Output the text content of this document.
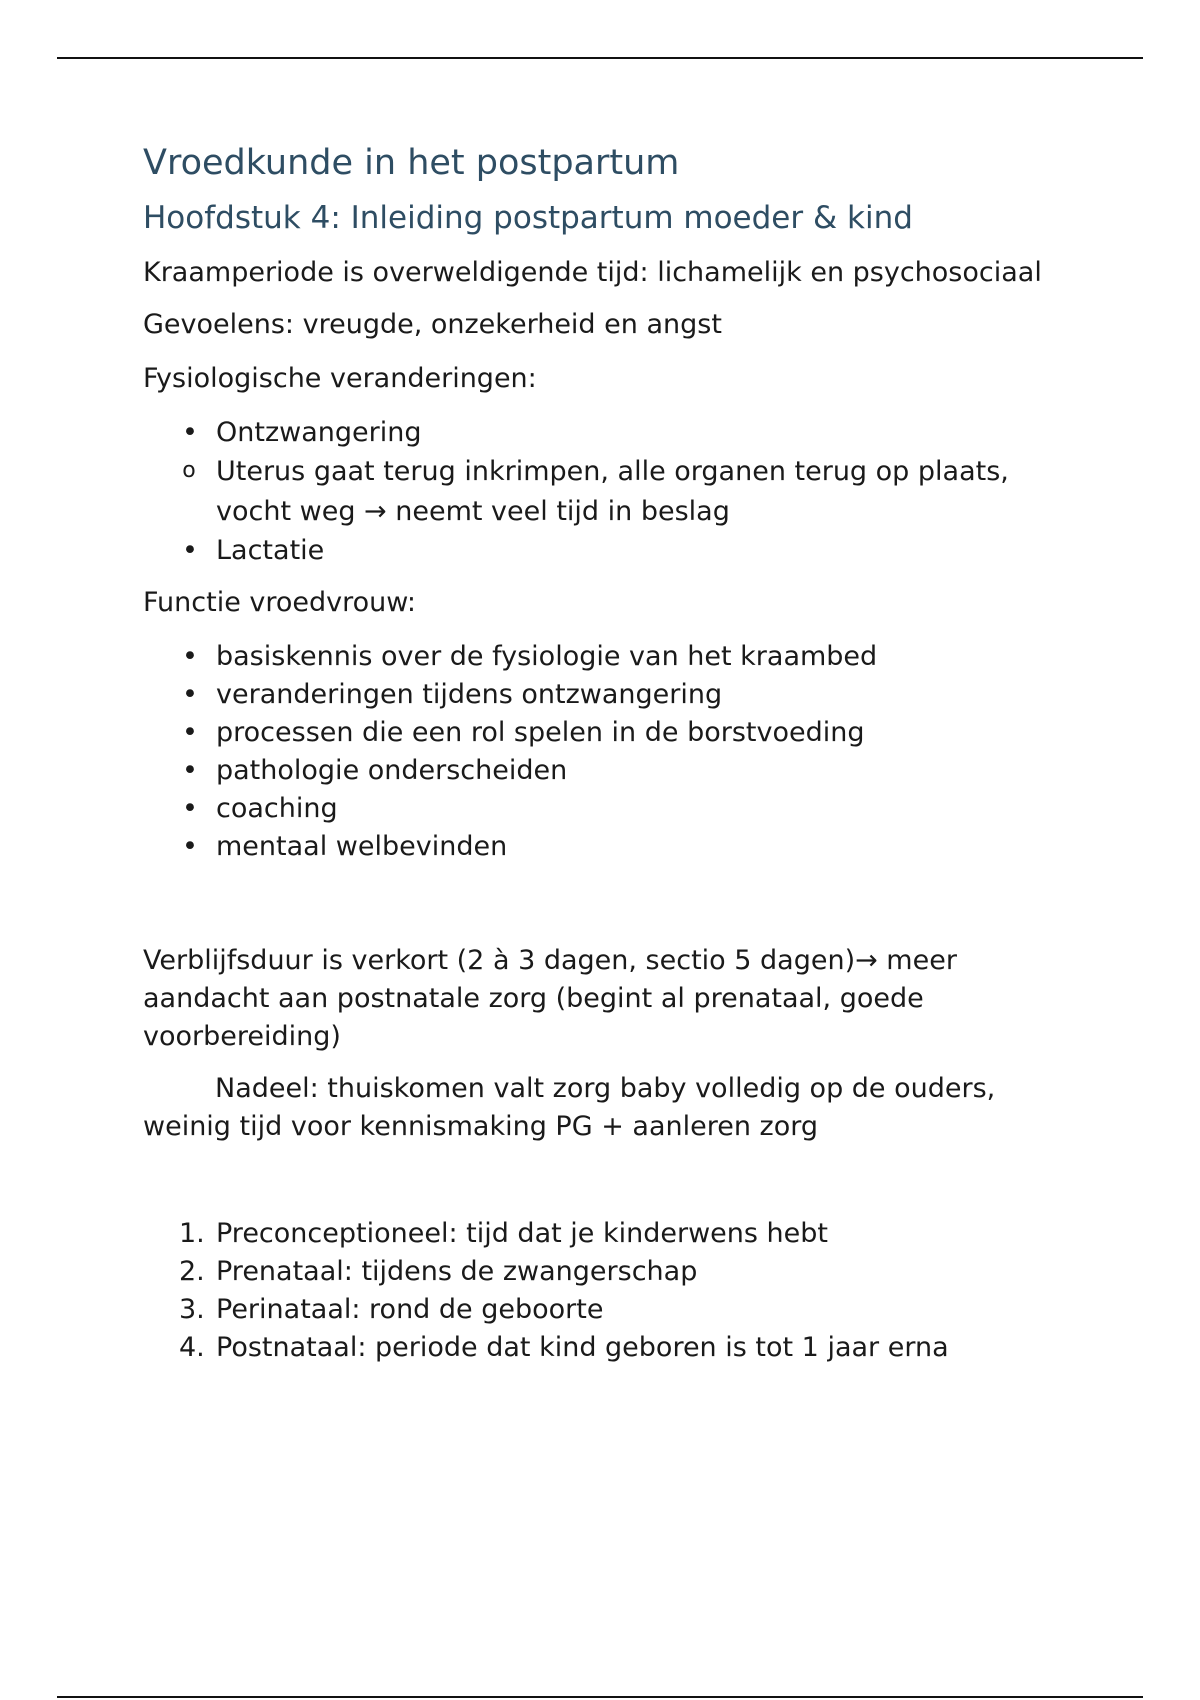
Vroedkunde in het postpartum
Hoofdstuk 4: Inleiding postpartum moeder & kind

Kraamperiode is overweldigende tijd: lichamelijk en psychosociaal

Gevoelens: vreugde, onzekerheid en angst

Fysiologische veranderingen:

• Ontzwangering
o Uterus gaat terug inkrimpen, alle organen terug op plaats, vocht weg → neemt veel tijd in beslag
• Lactatie

Functie vroedvrouw:

• basiskennis over de fysiologie van het kraambed
• veranderingen tijdens ontzwangering
• processen die een rol spelen in de borstvoeding
• pathologie onderscheiden
• coaching
• mentaal welbevinden

Verblijfsduur is verkort (2 à 3 dagen, sectio 5 dagen)→ meer aandacht aan postnatale zorg (begint al prenataal, goede voorbereiding)

Nadeel: thuiskomen valt zorg baby volledig op de ouders, weinig tijd voor kennismaking PG + aanleren zorg

1. Preconceptioneel: tijd dat je kinderwens hebt
2. Prenataal: tijdens de zwangerschap
3. Perinataal: rond de geboorte
4. Postnataal: periode dat kind geboren is tot 1 jaar erna
